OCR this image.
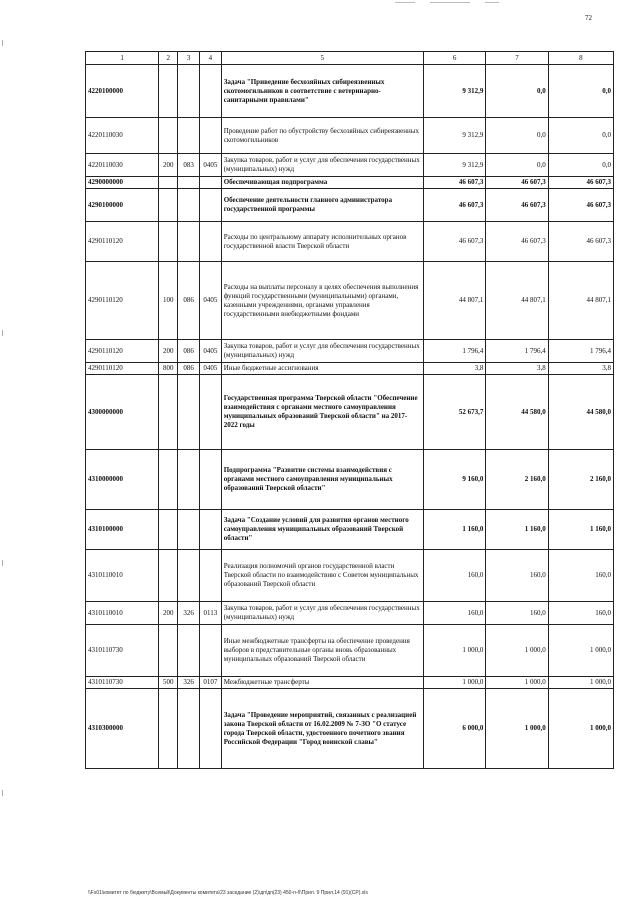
72
1	2	3	4	5	6	7	8
4220100000				Задача "Приведение бесхозяйных сибиреязвенных скотомогильников в соответствие с ветеринарно-санитарными правилами"	9 312,9	0,0	0,0
4220110030				Проведение работ по обустройству бесхозяйных сибиреязвенных скотомогильников	9 312,9	0,0	0,0
4220110030	200	083	0405	Закупка товаров, работ и услуг для обеспечения государственных (муниципальных) нужд	9 312,9	0,0	0,0
4290000000				Обеспечивающая подпрограмма	46 607,3	46 607,3	46 607,3
4290100000				Обеспечение деятельности главного администратора государственной программы	46 607,3	46 607,3	46 607,3
4290110120				Расходы по центральному аппарату исполнительных органов государственной власти Тверской области	46 607,3	46 607,3	46 607,3
4290110120	100	086	0405	Расходы на выплаты персоналу в целях обеспечения выполнения функций государственными (муниципальными) органами, казенными учреждениями, органами управления государственными внебюджетными фондами	44 807,1	44 807,1	44 807,1
4290110120	200	086	0405	Закупка товаров, работ и услуг для обеспечения государственных (муниципальных) нужд	1 796,4	1 796,4	1 796,4
4290110120	800	086	0405	Иные бюджетные ассигнования	3,8	3,8	3,8
4300000000				Государственная программа Тверской области "Обеспечение взаимодействия с органами местного самоуправления муниципальных образований Тверской области" на 2017-2022 годы	52 673,7	44 580,0	44 580,0
4310000000				Подпрограмма "Развитие системы взаимодействия с органами местного самоуправления муниципальных образований Тверской области"	9 160,0	2 160,0	2 160,0
4310100000				Задача "Создание условий для развития органов местного самоуправления муниципальных образований Тверской области"	1 160,0	1 160,0	1 160,0
4310110010				Реализация полномочий органов государственной власти Тверской области по взаимодействию с Советом муниципальных образований Тверской области	160,0	160,0	160,0
4310110010	200	326	0113	Закупка товаров, работ и услуг для обеспечения государственных (муниципальных) нужд	160,0	160,0	160,0
4310110730				Иные межбюджетные трансферты на обеспечение проведения выборов в представительные органы вновь образованных муниципальных образований Тверской области	1 000,0	1 000,0	1 000,0
4310110730	500	326	0107	Межбюджетные трансферты	1 000,0	1 000,0	1 000,0
4310300000				Задача "Проведение мероприятий, связанных с реализацией закона Тверской области от 16.02.2009 № 7-ЗО "О статусе города Тверской области, удостоенного почетного звания Российской Федерации "Город воинской славы"	6 000,0	1 000,0	1 000,0
\\Fs01\комитет по бюджету\Всемьй\Документы комитета\23 заседание (2)\дп\дп(23) 450-п-б\Прил. 9 Прил.14 (91)(СР).xls
